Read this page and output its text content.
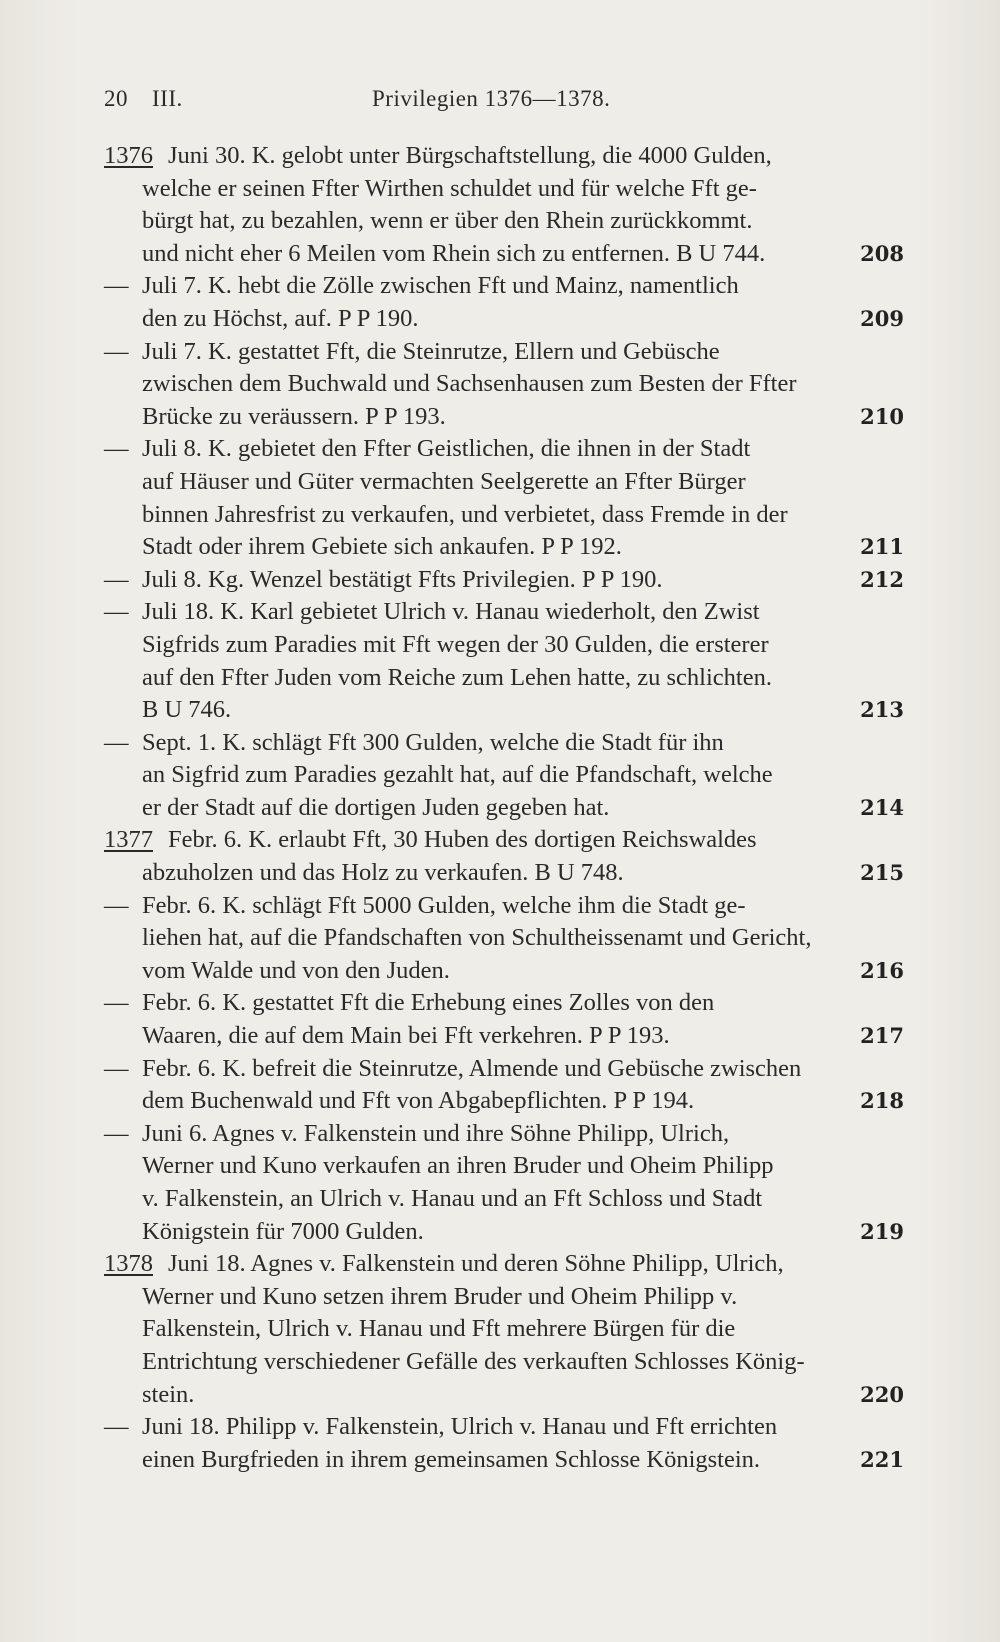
20 III.	Privilegien 1376—1378.
1376 Juni 30. K. gelobt unter Bürgschaftstellung, die 4000 Gulden,
welche er seinen Ffter Wirthen schuldet und für welche Fft ge-
bürgt hat, zu bezahlen, wenn er über den Rhein zurückkommt.
208
und nicht eher 6 Meilen vom Rhein sich zu entfernen. B U 744.
— Juli 7. K. hebt die Zölle zwischen Fft und Mainz, namentlich
209
den zu Höchst, auf. P P 190.
— Juli 7. K. gestattet Fft, die Steinrutze, Ellern und Gebüsche
zwischen dem Buchwald und Sachsenhausen zum Besten der Ffter
210
Brücke zu veräussern. P P 193.
— Juli 8. K. gebietet den Ffter Geistlichen, die ihnen in der Stadt
auf Häuser und Güter vermachten Seelgerette an Ffter Bürger
binnen Jahresfrist zu verkaufen, und verbietet, dass Fremde in der
211
Stadt oder ihrem Gebiete sich ankaufen. P P 192.
— Juli 8.	212
Kg. Wenzel bestätigt Ffts Privilegien. P P 190.
— Juli 18. K. Karl gebietet Ulrich v. Hanau wiederholt, den Zwist
Sigfrids zum Paradies mit Fft wegen der 30 Gulden, die ersterer
auf den Ffter Juden vom Reiche zum Lehen hatte, zu schlichten.
213
B U 746.
— Sept. 1. K. schlägt Fft 300 Gulden, welche die Stadt für ihn
an Sigfrid zum Paradies gezahlt hat, auf die Pfandschaft, welche
214
er der Stadt auf die dortigen Juden gegeben hat.
1377 Febr. 6. K. erlaubt Fft, 30 Huben des dortigen Reichswaldes
215
abzuholzen und das Holz zu verkaufen. B U 748.
— Febr. 6. K. schlägt Fft 5000 Gulden, welche ihm die Stadt ge-
liehen hat, auf die Pfandschaften von Schultheissenamt und Gericht,
216
vom Walde und von den Juden.
— Febr. 6. K. gestattet Fft die Erhebung eines Zolles von den
217
Waaren, die auf dem Main bei Fft verkehren. P P 193.
— Febr. 6. K. befreit die Steinrutze, Almende und Gebüsche zwischen
218
dem Buchenwald und Fft von Abgabepflichten. P P 194.
— Juni 6. Agnes v. Falkenstein und ihre Söhne Philipp, Ulrich,
Werner und Kuno verkaufen an ihren Bruder und Oheim Philipp
v. Falkenstein, an Ulrich v. Hanau und an Fft Schloss und Stadt
219
Königstein für 7000 Gulden.
1378 Juni 18. Agnes v. Falkenstein und deren Söhne Philipp, Ulrich,
Werner und Kuno setzen ihrem Bruder und Oheim Philipp v.
Falkenstein, Ulrich v. Hanau und Fft mehrere Bürgen für die
Entrichtung verschiedener Gefälle des verkauften Schlosses König-
220
stein.
— Juni 18. Philipp v. Falkenstein, Ulrich v. Hanau und Fft errichten
221
einen Burgfrieden in ihrem gemeinsamen Schlosse Königstein.
